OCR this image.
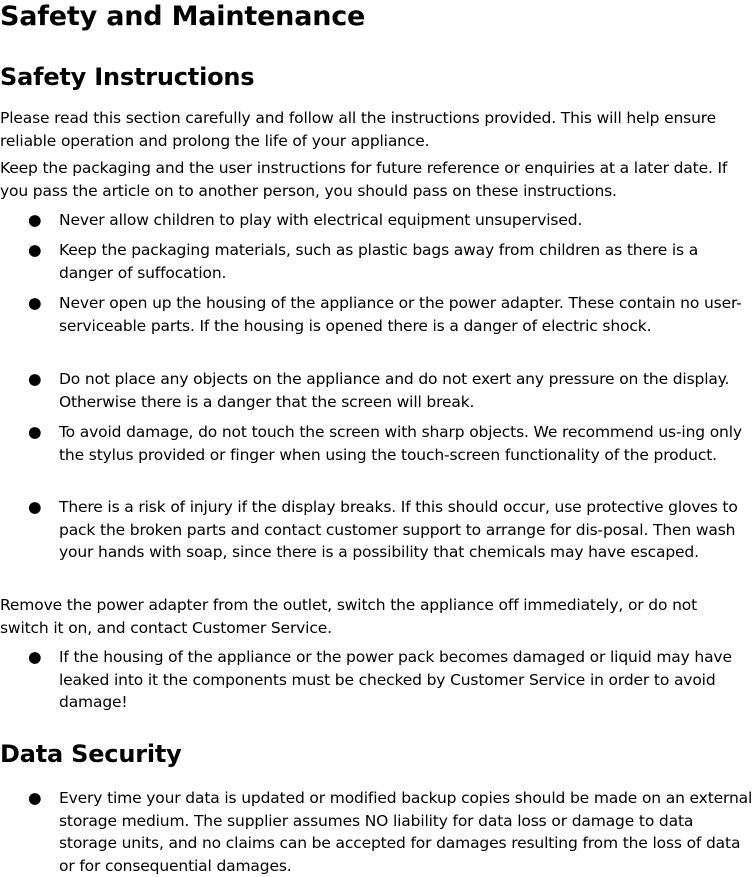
Safety and Maintenance
Safety Instructions

Please read this section carefully and follow all the instructions provided. This will help ensure reliable operation and prolong the life of your appliance.

Keep the packaging and the user instructions for future reference or enquiries at a later date. If you pass the article on to another person, you should pass on these instructions.

● Never allow children to play with electrical equipment unsupervised.

● Keep the packaging materials, such as plastic bags away from children as there is a danger of suffocation.

● Never open up the housing of the appliance or the power adapter. These contain no user-serviceable parts. If the housing is opened there is a danger of electric shock.

● Do not place any objects on the appliance and do not exert any pressure on the display. Otherwise there is a danger that the screen will break.

● To avoid damage, do not touch the screen with sharp objects. We recommend us-ing only the stylus provided or finger when using the touch-screen functionality of the product.

● There is a risk of injury if the display breaks. If this should occur, use protective gloves to pack the broken parts and contact customer support to arrange for dis-posal. Then wash your hands with soap, since there is a possibility that chemicals may have escaped.

Remove the power adapter from the outlet, switch the appliance off immediately, or do not switch it on, and contact Customer Service.

● If the housing of the appliance or the power pack becomes damaged or liquid may have leaked into it the components must be checked by Customer Service in order to avoid damage!

Data Security
● Every time your data is updated or modified backup copies should be made on an external storage medium. The supplier assumes NO liability for data loss or damage to data storage units, and no claims can be accepted for damages resulting from the loss of data or for consequential damages.
